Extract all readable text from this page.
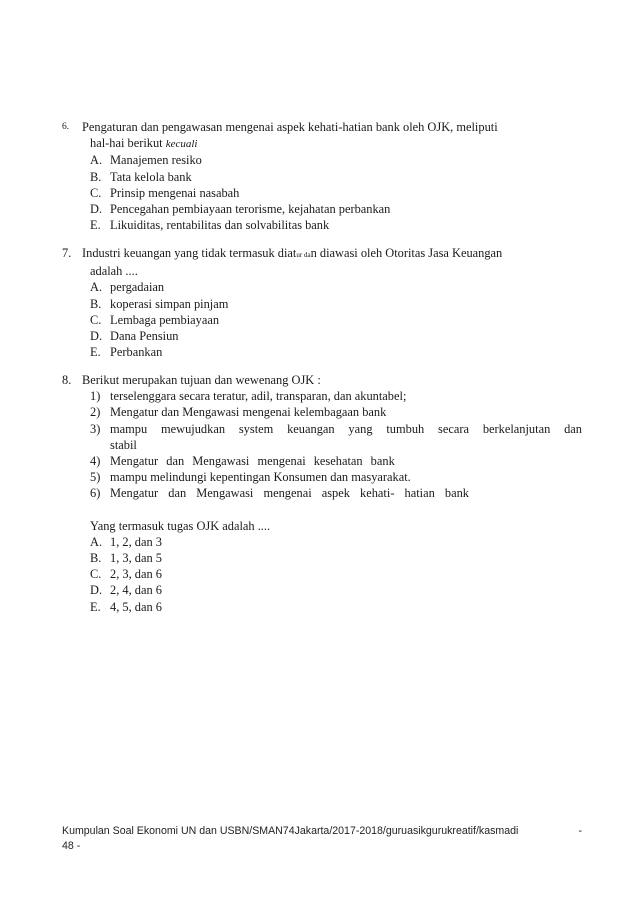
6.	Pengaturan dan pengawasan mengenai aspek kehati-hatian bank oleh OJK, meliputi
hal-hai berikut kecuali
A. Manajemen resiko
B. Tata kelola bank
C. Prinsip mengenai nasabah
D. Pencegahan pembiayaan terorisme, kejahatan perbankan
E. Likuiditas, rentabilitas dan solvabilitas bank
7. Industri keuangan yang tidak termasuk diatur dan diawasi oleh Otoritas Jasa Keuangan
adalah ....
A. pergadaian
B. koperasi simpan pinjam
C. Lembaga pembiayaan
D. Dana Pensiun
E. Perbankan
8. Berikut merupakan tujuan dan wewenang OJK :
1) terselenggara secara teratur, adil, transparan, dan akuntabel;
2) Mengatur dan Mengawasi mengenai kelembagaan bank
3) mampu mewujudkan system keuangan yang tumbuh secara berkelanjutan dan
stabil
4) Mengatur dan Mengawasi mengenai kesehatan bank
5) mampu melindungi kepentingan Konsumen dan masyarakat.
6) Mengatur dan Mengawasi mengenai aspek kehati- hatian bank
Yang termasuk tugas OJK adalah ....
A. 1, 2, dan 3
B. 1, 3, dan 5
C. 2, 3, dan 6
D. 2, 4, dan 6
E. 4, 5, dan 6
Kumpulan Soal Ekonomi UN dan USBN/SMAN74Jakarta/2017-2018/guruasikgurukreatif/kasmadi	-
48 -
